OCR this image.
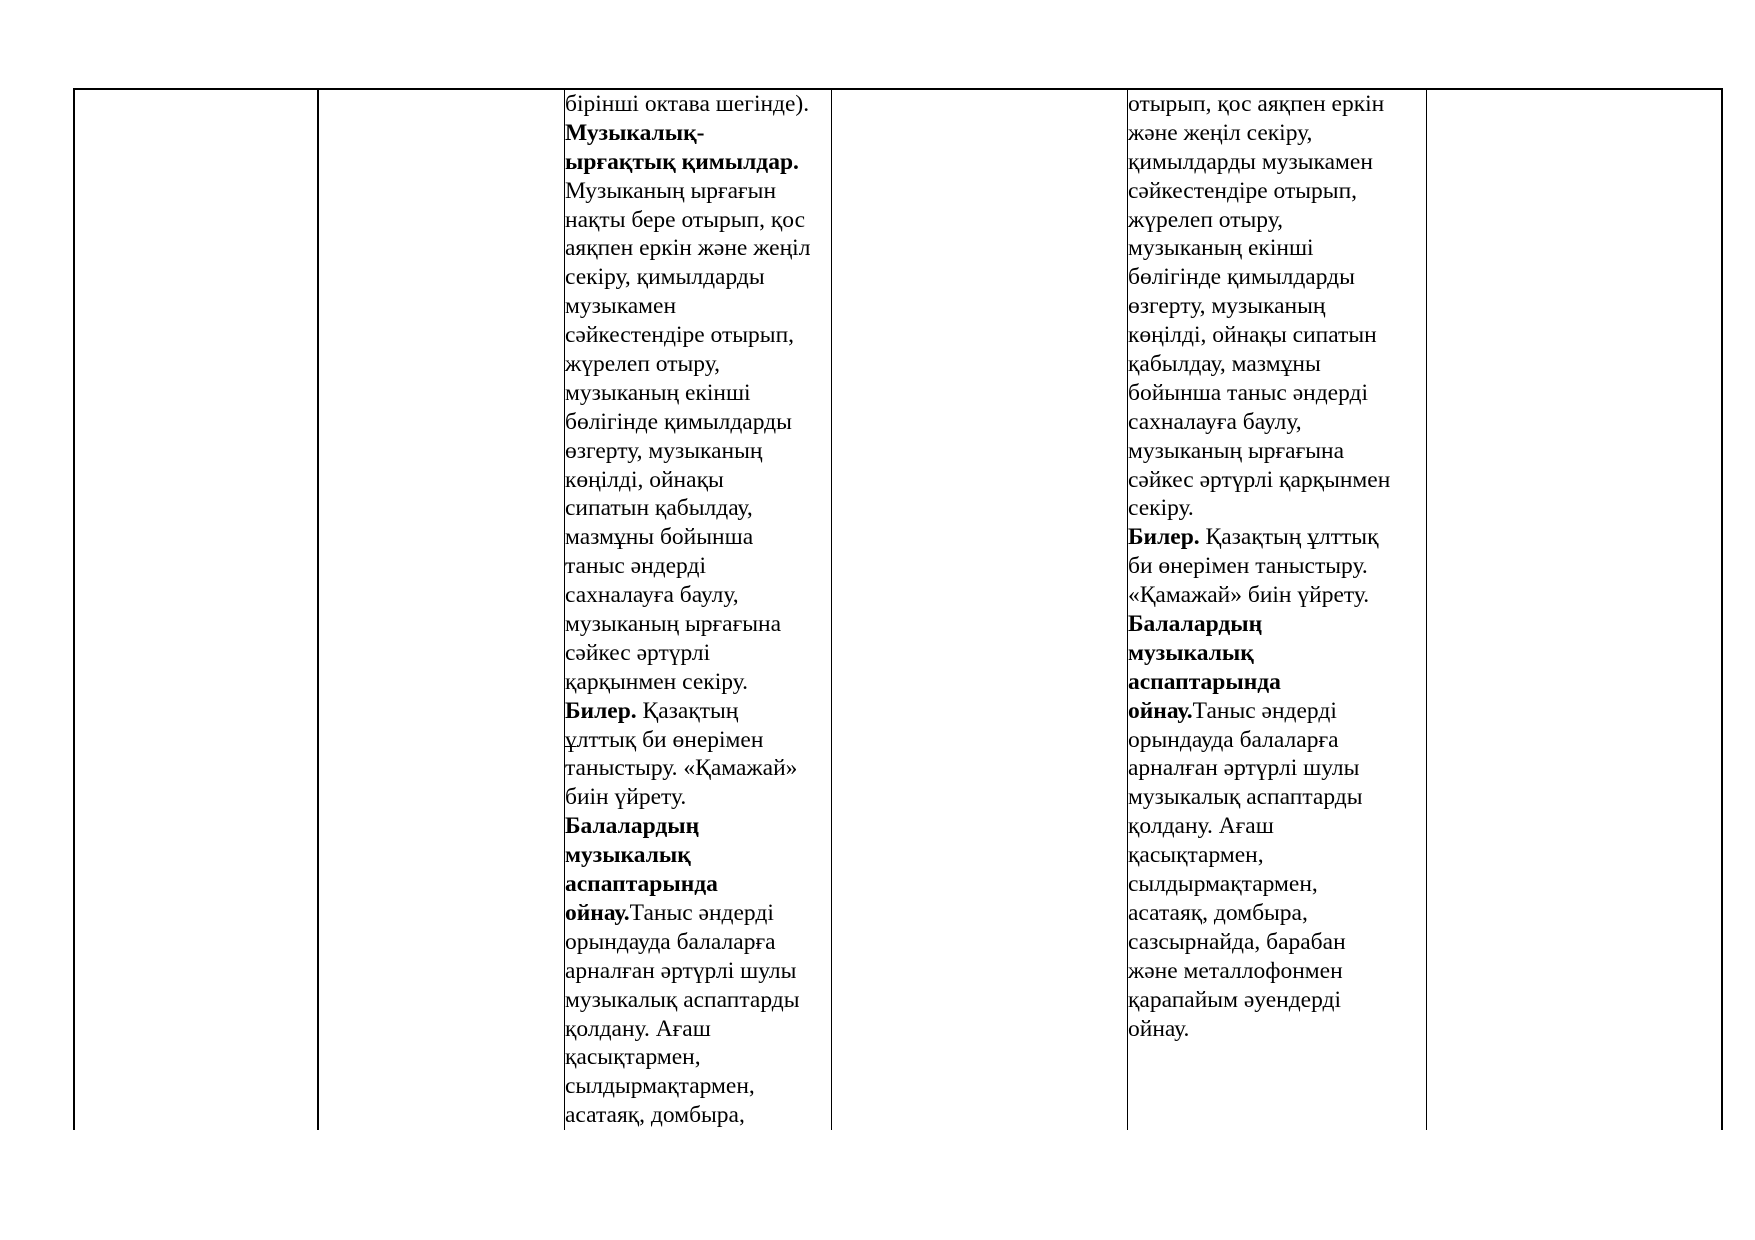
бірінші октава шегінде).
Музыкалық-
ырғақтық қимылдар.
Музыканың ырғағын
нақты бере отырып, қос
аяқпен еркін және жеңіл
секіру, қимылдарды
музыкамен
сәйкестендіре отырып,
жүрелеп отыру,
музыканың екінші
бөлігінде қимылдарды
өзгерту, музыканың
көңілді, ойнақы
сипатын қабылдау,
мазмұны бойынша
таныс әндерді
сахналауға баулу,
музыканың ырғағына
сәйкес әртүрлі
қарқынмен секіру.
Билер. Қазақтың
ұлттық би өнерімен
таныстыру. «Қамажай»
биін үйрету.
Балалардың
музыкалық
аспаптарында
ойнау.Таныс әндерді
орындауда балаларға
арналған әртүрлі шулы
музыкалық аспаптарды
қолдану. Ағаш
қасықтармен,
сылдырмақтармен,
асатаяқ, домбыра,
отырып, қос аяқпен еркін
және жеңіл секіру,
қимылдарды музыкамен
сәйкестендіре отырып,
жүрелеп отыру,
музыканың екінші
бөлігінде қимылдарды
өзгерту, музыканың
көңілді, ойнақы сипатын
қабылдау, мазмұны
бойынша таныс әндерді
сахналауға баулу,
музыканың ырғағына
сәйкес әртүрлі қарқынмен
секіру.
Билер. Қазақтың ұлттық
би өнерімен таныстыру.
«Қамажай» биін үйрету.
Балалардың
музыкалық
аспаптарында
ойнау.Таныс әндерді
орындауда балаларға
арналған әртүрлі шулы
музыкалық аспаптарды
қолдану. Ағаш
қасықтармен,
сылдырмақтармен,
асатаяқ, домбыра,
сазсырнайда, барабан
және металлофонмен
қарапайым әуендерді
ойнау.
